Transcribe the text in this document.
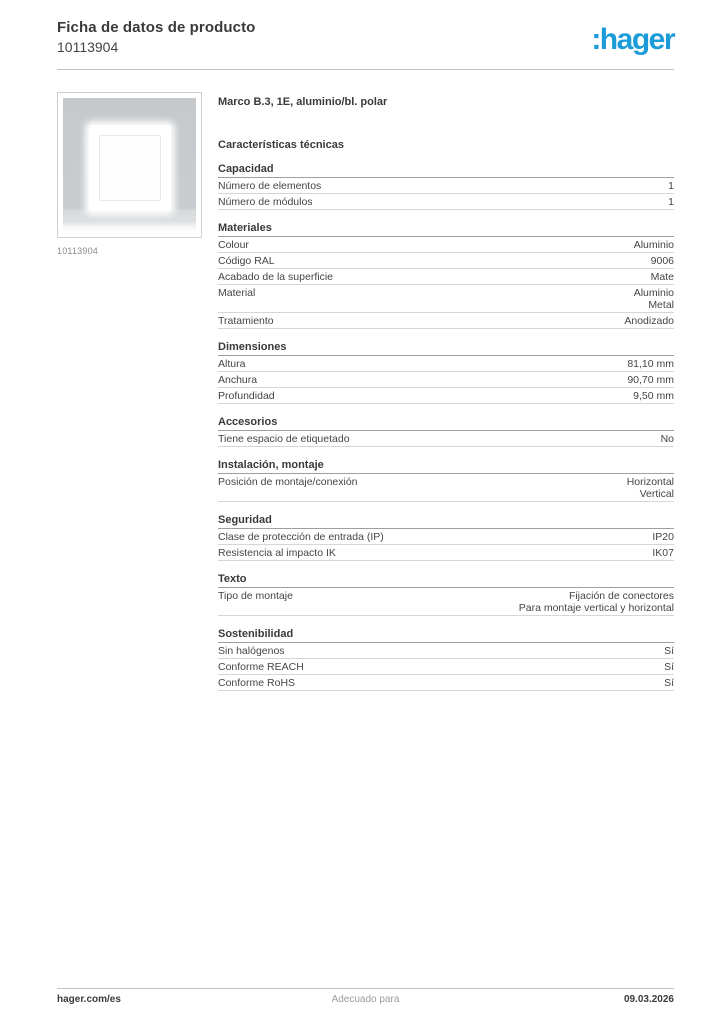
Ficha de datos de producto
10113904	:hager
10113904
Marco B.3, 1E, aluminio/bl. polar
Características técnicas
Capacidad
Número de elementos	1
Número de módulos	1
Materiales
Colour	Aluminio
Código RAL	9006
Acabado de la superficie	Mate
Material	Aluminio
Metal
Tratamiento	Anodizado
Dimensiones
Altura	81,10 mm
Anchura	90,70 mm
Profundidad	9,50 mm
Accesorios
Tiene espacio de etiquetado	No
Instalación, montaje
Posición de montaje/conexión	Horizontal
Vertical
Seguridad
Clase de protección de entrada (IP)	IP20
Resistencia al impacto IK	IK07
Texto
Tipo de montaje	Fijación de conectores
Para montaje vertical y horizontal
Sostenibilidad
Sin halógenos	Sí
Conforme REACH	Sí
Conforme RoHS	Sí
hager.com/es	Adecuado para	09.03.2026
